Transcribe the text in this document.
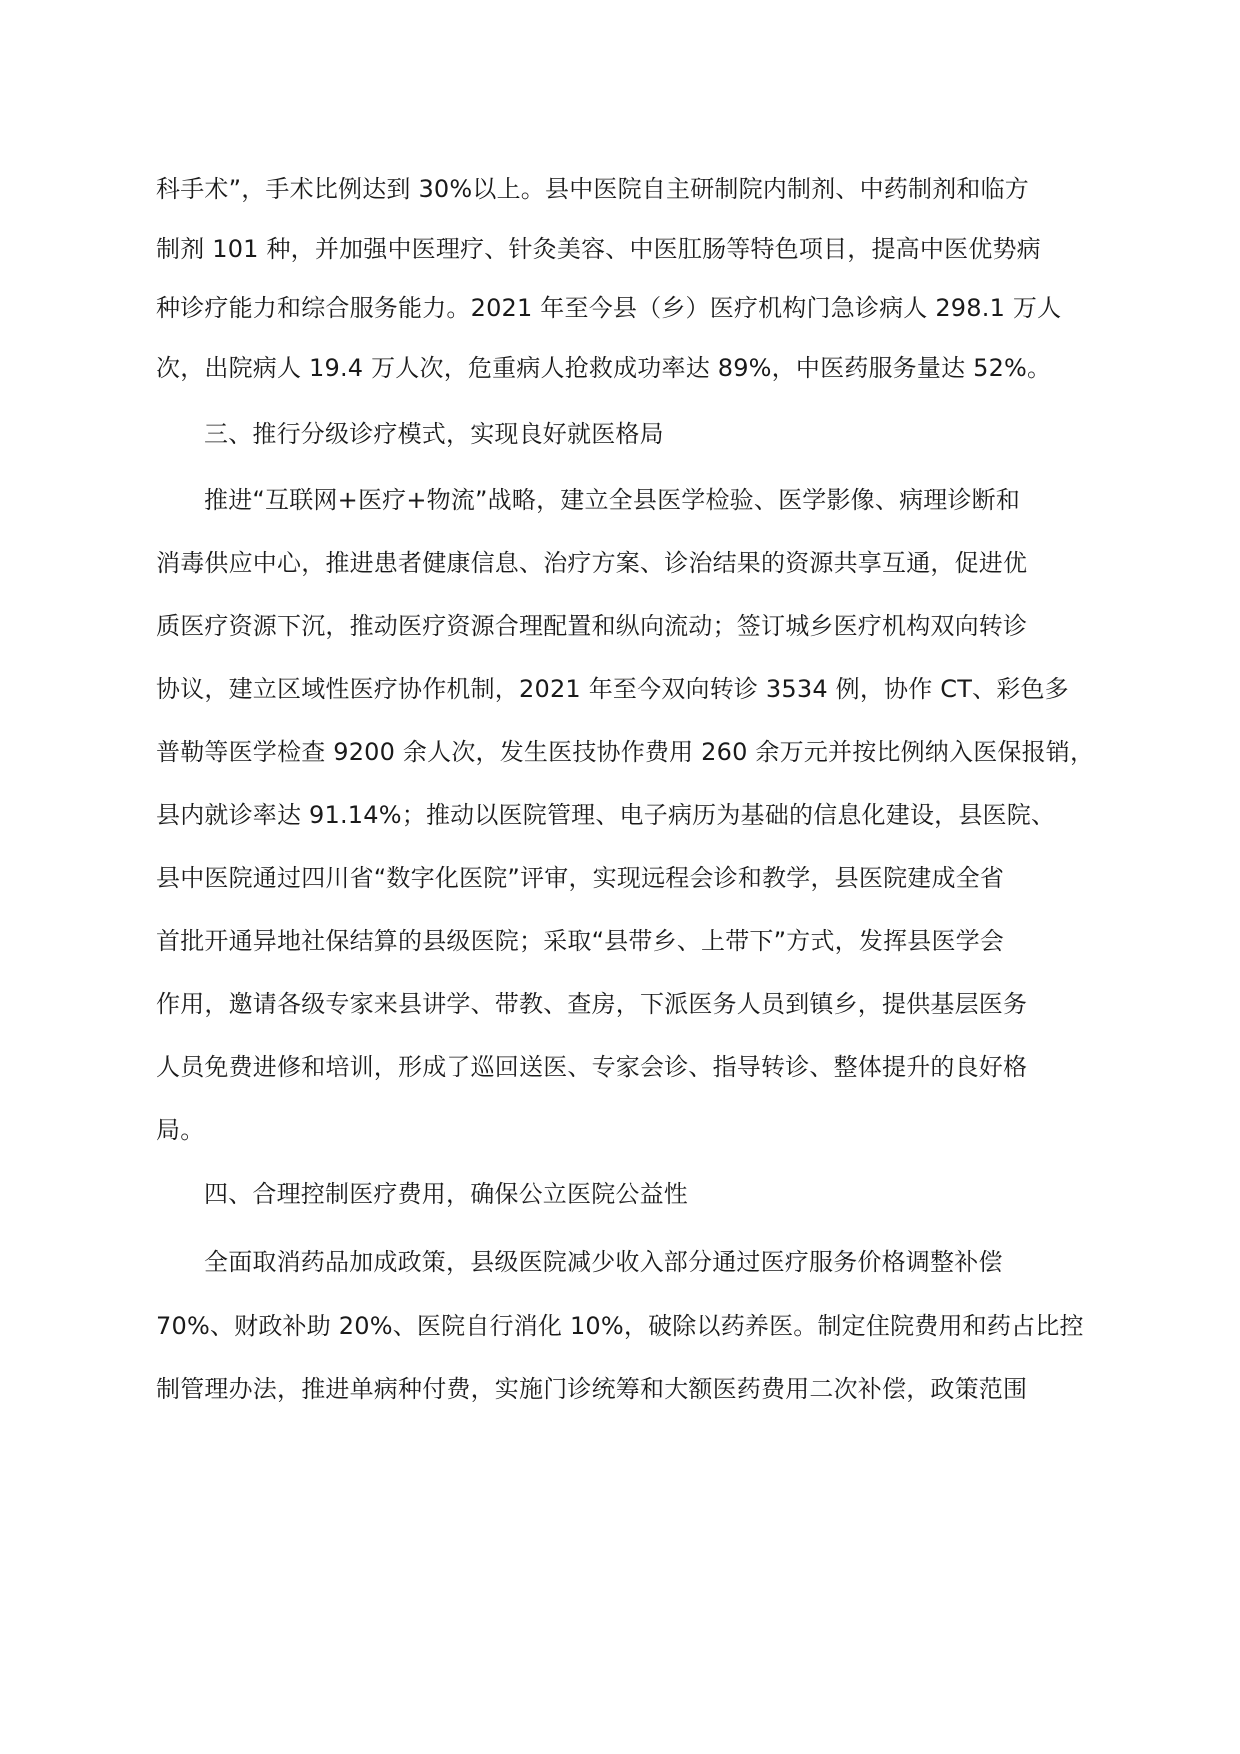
科手术”，手术比例达到 30%以上。县中医院自主研制院内制剂、中药制剂和临方
制剂 101 种，并加强中医理疗、针灸美容、中医肛肠等特色项目，提高中医优势病
种诊疗能力和综合服务能力。2021 年至今县（乡）医疗机构门急诊病人 298.1 万人
次，出院病人 19.4 万人次，危重病人抢救成功率达 89%，中医药服务量达 52%。
三、推行分级诊疗模式，实现良好就医格局
推进“互联网+医疗+物流”战略，建立全县医学检验、医学影像、病理诊断和
消毒供应中心，推进患者健康信息、治疗方案、诊治结果的资源共享互通，促进优
质医疗资源下沉，推动医疗资源合理配置和纵向流动；签订城乡医疗机构双向转诊
协议，建立区域性医疗协作机制，2021 年至今双向转诊 3534 例，协作 CT、彩色多
普勒等医学检查 9200 余人次，发生医技协作费用 260 余万元并按比例纳入医保报销，
县内就诊率达 91.14%；推动以医院管理、电子病历为基础的信息化建设，县医院、
县中医院通过四川省“数字化医院”评审，实现远程会诊和教学，县医院建成全省
首批开通异地社保结算的县级医院；采取“县带乡、上带下”方式，发挥县医学会
作用，邀请各级专家来县讲学、带教、查房，下派医务人员到镇乡，提供基层医务
人员免费进修和培训，形成了巡回送医、专家会诊、指导转诊、整体提升的良好格
局。
四、合理控制医疗费用，确保公立医院公益性
全面取消药品加成政策，县级医院减少收入部分通过医疗服务价格调整补偿
70%、财政补助 20%、医院自行消化 10%，破除以药养医。制定住院费用和药占比控
制管理办法，推进单病种付费，实施门诊统筹和大额医药费用二次补偿，政策范围
